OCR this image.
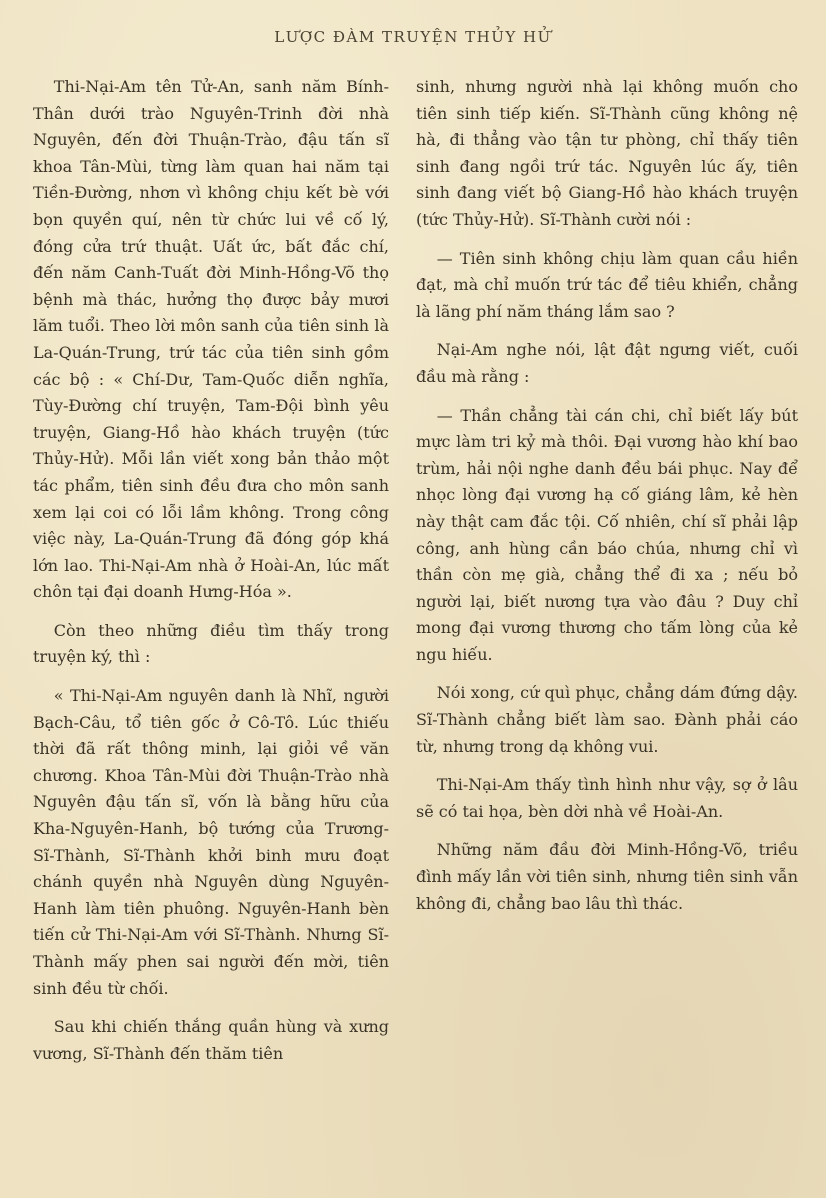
LƯỢC ĐÀM TRUYỆN THỦY HỬ

Thi-Nại-Am tên Tử-An, sanh năm Bính-Thân dưới trào Nguyên-Trinh đời nhà Nguyên, đến đời Thuận-Trào, đậu tấn sĩ khoa Tân-Mùi, từng làm quan hai năm tại Tiền-Đường, nhơn vì không chịu kết bè với bọn quyền quí, nên từ chức lui về cố lý, đóng cửa trứ thuật. Uất ức, bất đắc chí, đến năm Canh-Tuất đời Minh-Hồng-Võ thọ bệnh mà thác, hưởng thọ được bảy mươi lăm tuổi. Theo lời môn sanh của tiên sinh là La-Quán-Trung, trứ tác của tiên sinh gồm các bộ : « Chí-Dư, Tam-Quốc diễn nghĩa, Tùy-Đường chí truyện, Tam-Đội bình yêu truyện, Giang-Hồ hào khách truyện (tức Thủy-Hử). Mỗi lần viết xong bản thảo một tác phẩm, tiên sinh đều đưa cho môn sanh xem lại coi có lỗi lầm không. Trong công việc này, La-Quán-Trung đã đóng góp khá lớn lao. Thi-Nại-Am nhà ở Hoài-An, lúc mất chôn tại đại doanh Hưng-Hóa ».

Còn theo những điều tìm thấy trong truyện ký, thì :

« Thi-Nại-Am nguyên danh là Nhĩ, người Bạch-Câu, tổ tiên gốc ở Cô-Tô. Lúc thiếu thời đã rất thông minh, lại giỏi về văn chương. Khoa Tân-Mùi đời Thuận-Trào nhà Nguyên đậu tấn sĩ, vốn là bằng hữu của Kha-Nguyên-Hanh, bộ tướng của Trương-Sĩ-Thành, Sĩ-Thành khởi binh mưu đoạt chánh quyền nhà Nguyên dùng Nguyên-Hanh làm tiên phuông. Nguyên-Hanh bèn tiến cử Thi-Nại-Am với Sĩ-Thành. Nhưng Sĩ-Thành mấy phen sai người đến mời, tiên sinh đều từ chối.

Sau khi chiến thắng quần hùng và xưng vương, Sĩ-Thành đến thăm tiên

sinh, nhưng người nhà lại không muốn cho tiên sinh tiếp kiến. Sĩ-Thành cũng không nệ hà, đi thẳng vào tận tư phòng, chỉ thấy tiên sinh đang ngồi trứ tác. Nguyên lúc ấy, tiên sinh đang viết bộ Giang-Hồ hào khách truyện (tức Thủy-Hử). Sĩ-Thành cười nói :

— Tiên sinh không chịu làm quan cầu hiền đạt, mà chỉ muốn trứ tác để tiêu khiển, chẳng là lãng phí năm tháng lắm sao ?

Nại-Am nghe nói, lật đật ngưng viết, cuối đầu mà rằng :

— Thần chẳng tài cán chi, chỉ biết lấy bút mực làm tri kỷ mà thôi. Đại vương hào khí bao trùm, hải nội nghe danh đều bái phục. Nay để nhọc lòng đại vương hạ cố giáng lâm, kẻ hèn này thật cam đắc tội. Cố nhiên, chí sĩ phải lập công, anh hùng cần báo chúa, nhưng chỉ vì thần còn mẹ già, chẳng thể đi xa ; nếu bỏ người lại, biết nương tựa vào đâu ? Duy chỉ mong đại vương thương cho tấm lòng của kẻ ngu hiếu.

Nói xong, cứ quì phục, chẳng dám đứng dậy. Sĩ-Thành chẳng biết làm sao. Đành phải cáo từ, nhưng trong dạ không vui.

Thi-Nại-Am thấy tình hình như vậy, sợ ở lâu sẽ có tai họa, bèn dời nhà về Hoài-An.

Những năm đầu đời Minh-Hồng-Võ, triều đình mấy lần vời tiên sinh, nhưng tiên sinh vẫn không đi, chẳng bao lâu thì thác.
